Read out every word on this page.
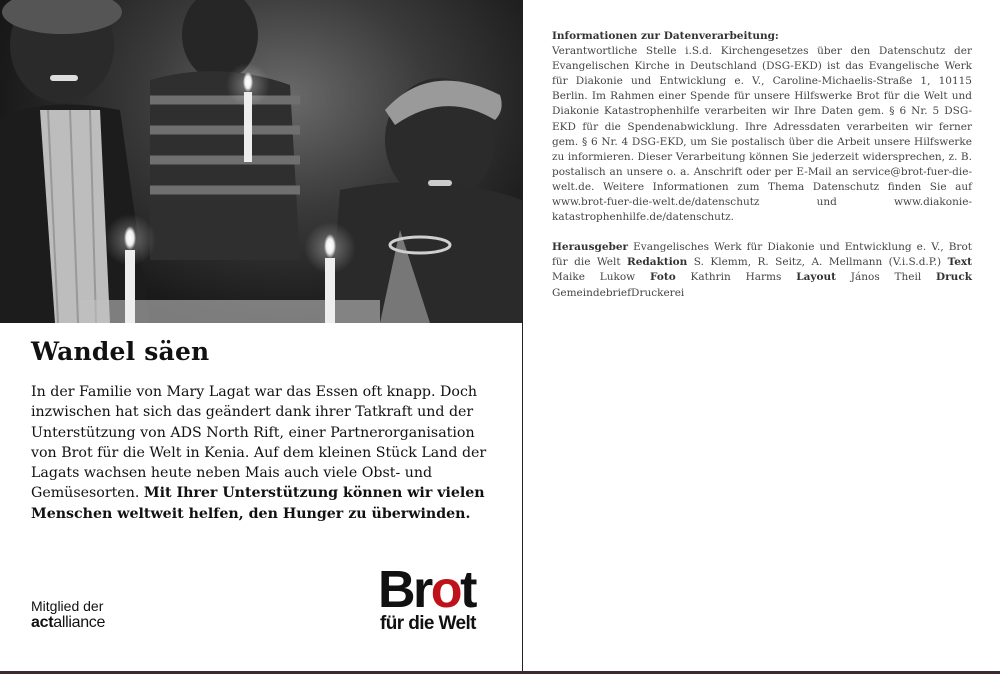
Wandel säen

In der Familie von Mary Lagat war das Essen oft knapp. Doch inzwischen hat sich das geändert dank ihrer Tatkraft und der Unterstützung von ADS North Rift, einer Partnerorganisation von Brot für die Welt in Kenia. Auf dem kleinen Stück Land der Lagats wachsen heute neben Mais auch viele Obst- und Gemüsesorten. Mit Ihrer Unterstützung können wir vielen Menschen weltweit helfen, den Hunger zu überwinden.

Mitglied der
actalliance
Brot
für die Welt

Informationen zur Datenverarbeitung:

Verantwortliche Stelle i.S.d. Kirchengesetzes über den Datenschutz der Evangelischen Kirche in Deutschland (DSG-EKD) ist das Evangelische Werk für Diakonie und Entwicklung e. V., Caroline-Michaelis-Straße 1, 10115 Berlin. Im Rahmen einer Spende für unsere Hilfswerke Brot für die Welt und Diakonie Katastrophenhilfe verarbeiten wir Ihre Daten gem. § 6 Nr. 5 DSG-EKD für die Spendenabwicklung. Ihre Adressdaten verarbeiten wir ferner gem. § 6 Nr. 4 DSG-EKD, um Sie postalisch über die Arbeit unsere Hilfswerke zu informieren. Dieser Verarbeitung können Sie jederzeit widersprechen, z. B. postalisch an unsere o. a. Anschrift oder per E-Mail an service@brot-fuer-die-welt.de. Weitere Informationen zum Thema Datenschutz finden Sie auf www.brot-fuer-die-welt.de/datenschutz und www.diakonie-katastrophenhilfe.de/datenschutz.

Herausgeber Evangelisches Werk für Diakonie und Entwicklung e. V., Brot für die Welt Redaktion S. Klemm, R. Seitz, A. Mellmann (V.i.S.d.P.) Text Maike Lukow Foto Kathrin Harms Layout János Theil Druck GemeindebriefDruckerei
